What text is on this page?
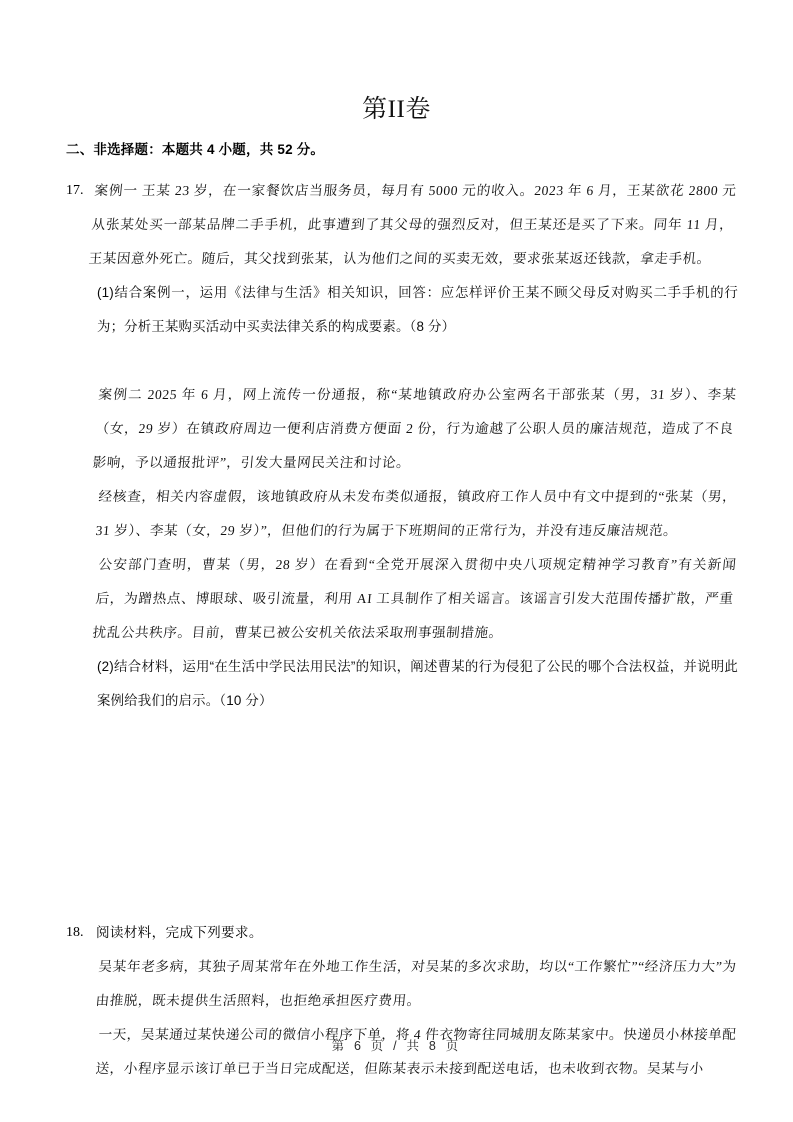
第II卷
二、非选择题：本题共 4 小题，共 52 分。
17. 案例一 王某 23 岁，在一家餐饮店当服务员，每月有 5000 元的收入。2023 年 6 月，王某欲花 2800 元从张某处买一部某品牌二手手机，此事遭到了其父母的强烈反对，但王某还是买了下来。同年 11 月，王某因意外死亡。随后，其父找到张某，认为他们之间的买卖无效，要求张某返还钱款，拿走手机。

(1)结合案例一，运用《法律与生活》相关知识，回答：应怎样评价王某不顾父母反对购买二手手机的行为；分析王某购买活动中买卖法律关系的构成要素。（8 分）

案例二 2025 年 6 月，网上流传一份通报，称“某地镇政府办公室两名干部张某（男，31 岁）、李某（女，29 岁）在镇政府周边一便利店消费方便面 2 份，行为逾越了公职人员的廉洁规范，造成了不良影响，予以通报批评”，引发大量网民关注和讨论。

经核查，相关内容虚假，该地镇政府从未发布类似通报，镇政府工作人员中有文中提到的“张某（男，31 岁）、李某（女，29 岁）”，但他们的行为属于下班期间的正常行为，并没有违反廉洁规范。

公安部门查明，曹某（男，28 岁）在看到“全党开展深入贯彻中央八项规定精神学习教育”有关新闻后，为蹭热点、博眼球、吸引流量，利用 AI 工具制作了相关谣言。该谣言引发大范围传播扩散，严重扰乱公共秩序。目前，曹某已被公安机关依法采取刑事强制措施。

(2)结合材料，运用“在生活中学民法用民法”的知识，阐述曹某的行为侵犯了公民的哪个合法权益，并说明此案例给我们的启示。（10 分）

18. 阅读材料，完成下列要求。

吴某年老多病，其独子周某常年在外地工作生活，对吴某的多次求助，均以“工作繁忙”“经济压力大”为由推脱，既未提供生活照料，也拒绝承担医疗费用。

一天，吴某通过某快递公司的微信小程序下单，将 4 件衣物寄往同城朋友陈某家中。快递员小林接单配送，小程序显示该订单已于当日完成配送，但陈某表示未接到配送电话，也未收到衣物。吴某与小

第 6 页 / 共 8 页
